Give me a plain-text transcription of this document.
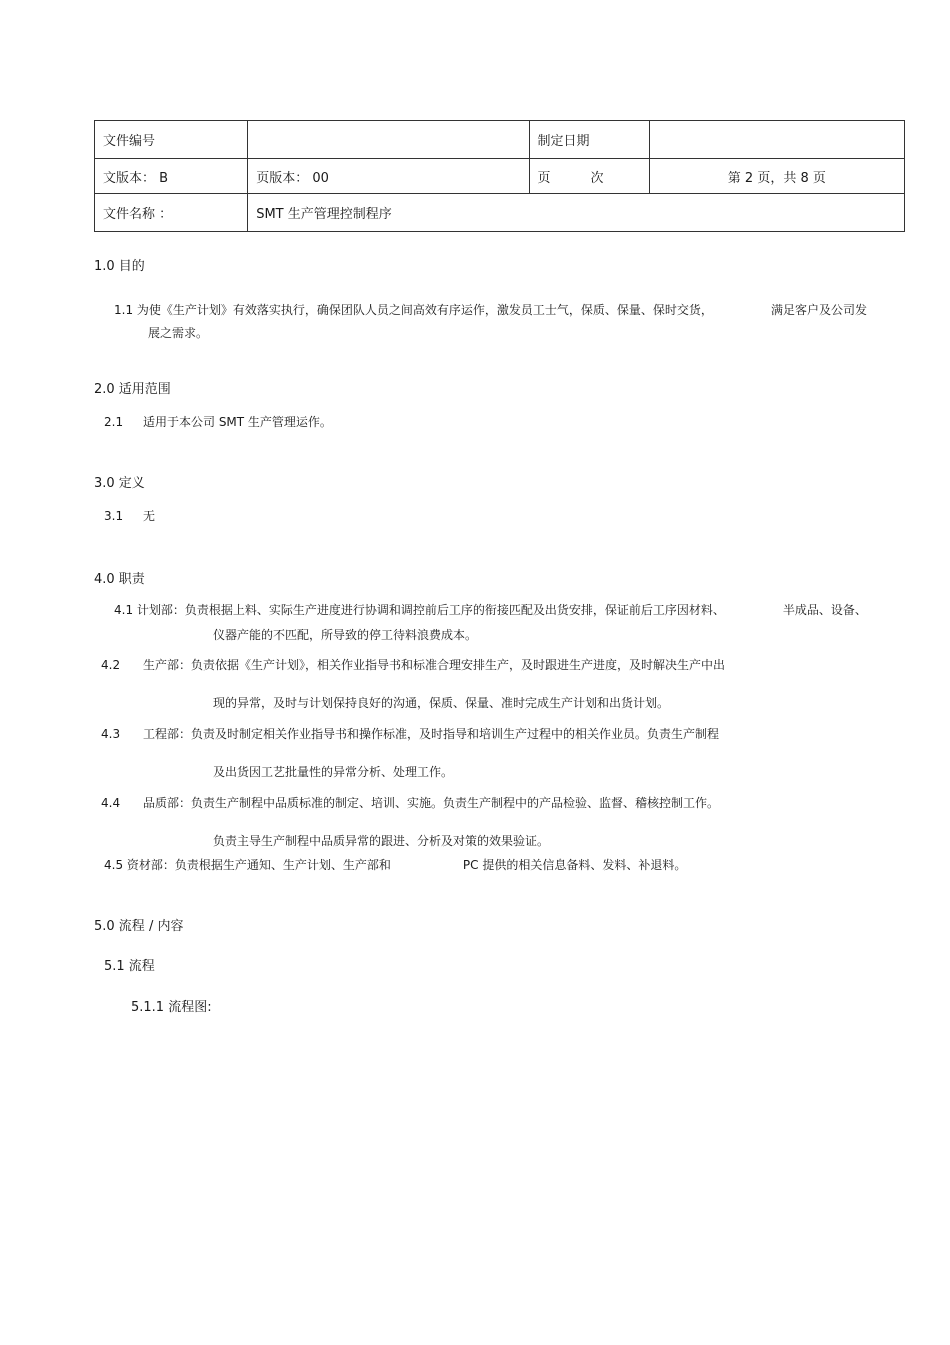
文件编号		制定日期	
文版本： B	页版本： 00	页 次	第 2 页，共 8 页
文件名称 ：	SMT 生产管理控制程序		
1.0 目的
1.1 为使《生产计划》有效落实执行，确保团队人员之间高效有序运作，激发员工士气，保质、保量、保时交货，	满足客户及公司发
展之需求。
2.0 适用范围
2.1 适用于本公司 SMT 生产管理运作。
3.0 定义
3.1 无
4.0 职责
4.1 计划部：负责根据上料、实际生产进度进行协调和调控前后工序的衔接匹配及出货安排，保证前后工序因材料、	半成品、设备、
仪器产能的不匹配，所导致的停工待料浪费成本。
4.2 生产部：负责依据《生产计划》，相关作业指导书和标准合理安排生产，及时跟进生产进度，及时解决生产中出
现的异常，及时与计划保持良好的沟通，保质、保量、准时完成生产计划和出货计划。
4.3 工程部：负责及时制定相关作业指导书和操作标准，及时指导和培训生产过程中的相关作业员。负责生产制程
及出货因工艺批量性的异常分析、处理工作。
4.4 品质部：负责生产制程中品质标准的制定、培训、实施。负责生产制程中的产品检验、监督、稽核控制工作。
负责主导生产制程中品质异常的跟进、分析及对策的效果验证。
4.5 资材部：负责根据生产通知、生产计划、生产部和	PC 提供的相关信息备料、发料、补退料。
5.0 流程 / 内容
5.1 流程
5.1.1 流程图:
